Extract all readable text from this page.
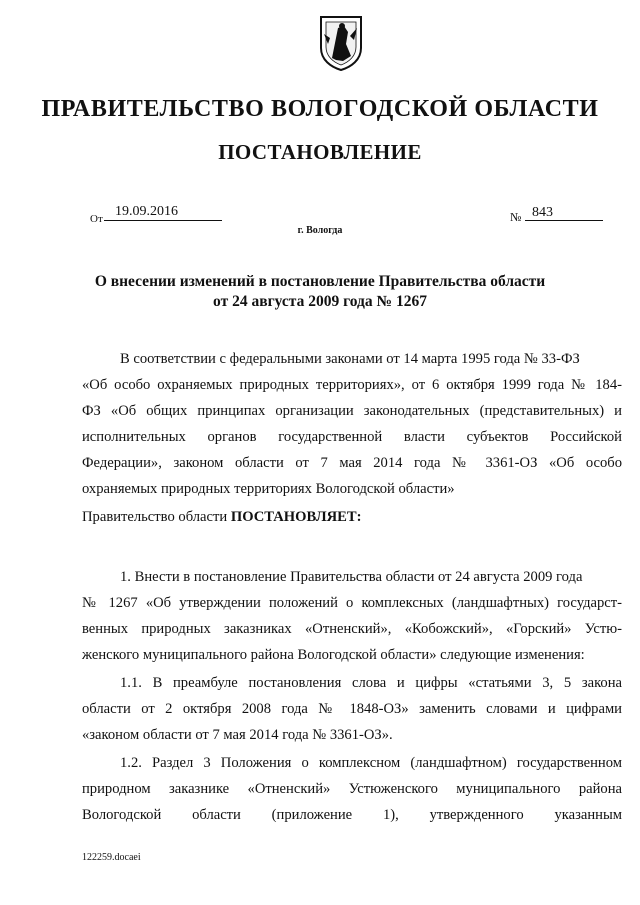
ПРАВИТЕЛЬСТВО ВОЛОГОДСКОЙ ОБЛАСТИ
ПОСТАНОВЛЕНИЕ
От 19.09.2016	№ 843
г. Вологда
О внесении изменений в постановление Правительства области
от 24 августа 2009 года № 1267
В соответствии с федеральными законами от 14 марта 1995 года № 33-ФЗ
«Об особо охраняемых природных территориях», от 6 октября 1999 года № 184-
ФЗ «Об общих принципах организации законодательных (представительных) и
исполнительных органов государственной власти субъектов Российской
Федерации», законом области от 7 мая 2014 года № 3361-ОЗ «Об особо
охраняемых природных территориях Вологодской области»
Правительство области ПОСТАНОВЛЯЕТ:
1. Внести в постановление Правительства области от 24 августа 2009 года
№ 1267 «Об утверждении положений о комплексных (ландшафтных) государст-
венных природных заказниках «Отненский», «Кобожский», «Горский» Устю-
женского муниципального района Вологодской области» следующие изменения:
1.1. В преамбуле постановления слова и цифры «статьями 3, 5 закона
области от 2 октября 2008 года № 1848-ОЗ» заменить словами и цифрами
«законом области от 7 мая 2014 года № 3361-ОЗ».
1.2. Раздел 3 Положения о комплексном (ландшафтном) государственном
природном заказнике «Отненский» Устюженского муниципального района
Вологодской области (приложение 1), утвержденного указанным
122259.docaei
